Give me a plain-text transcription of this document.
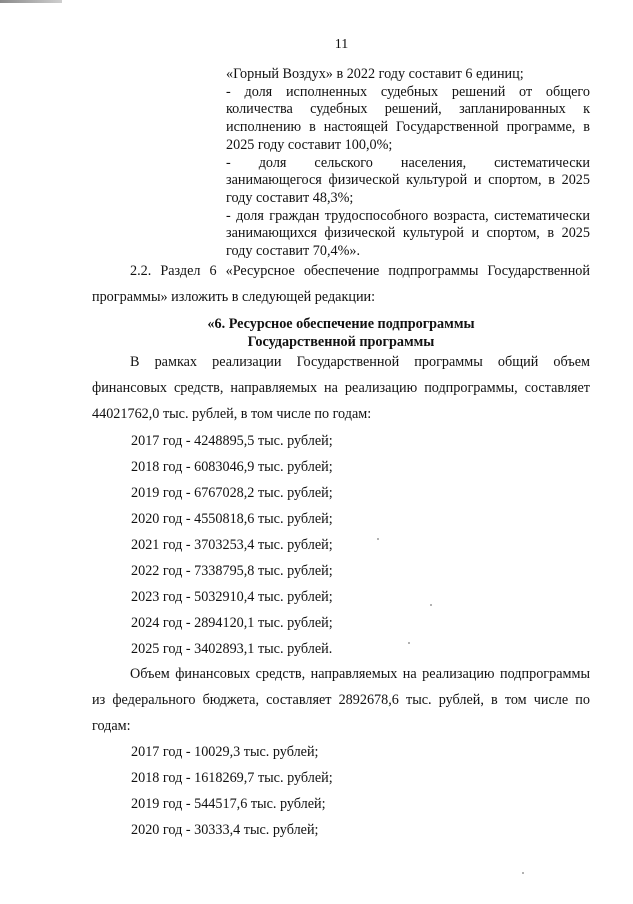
11

«Горный Воздух» в 2022 году составит 6 единиц;

- доля исполненных судебных решений от общего количества судебных решений, запланированных к исполнению в настоящей Государственной программе, в 2025 году составит 100,0%;

- доля сельского населения, систематически занимающегося физической культурой и спортом, в 2025 году составит 48,3%;

- доля граждан трудоспособного возраста, систематически занимающихся физической культурой и спортом, в 2025 году составит 70,4%».

2.2. Раздел 6 «Ресурсное обеспечение подпрограммы Государственной программы» изложить в следующей редакции:

«6. Ресурсное обеспечение подпрограммы
Государственной программы

В рамках реализации Государственной программы общий объем финансовых средств, направляемых на реализацию подпрограммы, составляет 44021762,0 тыс. рублей, в том числе по годам:

2017 год - 4248895,5 тыс. рублей;
2018 год - 6083046,9 тыс. рублей;
2019 год - 6767028,2 тыс. рублей;
2020 год - 4550818,6 тыс. рублей;
2021 год - 3703253,4 тыс. рублей;
2022 год - 7338795,8 тыс. рублей;
2023 год - 5032910,4 тыс. рублей;
2024 год - 2894120,1 тыс. рублей;
2025 год - 3402893,1 тыс. рублей.

Объем финансовых средств, направляемых на реализацию подпрограммы из федерального бюджета, составляет 2892678,6 тыс. рублей, в том числе по годам:

2017 год - 10029,3 тыс. рублей;
2018 год - 1618269,7 тыс. рублей;
2019 год - 544517,6 тыс. рублей;
2020 год - 30333,4 тыс. рублей;
